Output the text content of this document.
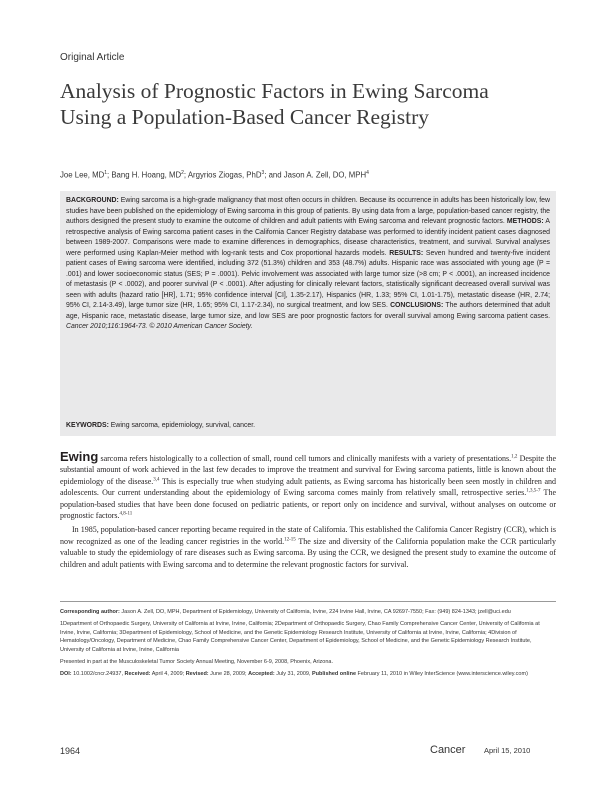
Original Article
Analysis of Prognostic Factors in Ewing Sarcoma Using a Population-Based Cancer Registry
Joe Lee, $MD^1$; Bang H. Hoang, $MD^2$; Argyrios Ziogas, PhD$^3$; and Jason A. Zell, DO, MPH$^4$
BACKGROUND: Ewing sarcoma is a high-grade malignancy that most often occurs in children. Because its occurrence in adults has been historically low, few studies have been published on the epidemiology of Ewing sarcoma in this group of patients. By using data from a large, population-based cancer registry, the authors designed the present study to examine the outcome of children and adult patients with Ewing sarcoma and relevant prognostic factors. METHODS: A retrospective analysis of Ewing sarcoma patient cases in the California Cancer Registry database was performed to identify incident patient cases diagnosed between 1989-2007. Comparisons were made to examine differences in demographics, disease characteristics, treatment, and survival. Survival analyses were performed using Kaplan-Meier method with log-rank tests and Cox proportional hazards models. RESULTS: Seven hundred and twenty-five incident patient cases of Ewing sarcoma were identified, including 372 (51.3%) children and 353 (48.7%) adults. Hispanic race was associated with young age (P = .001) and lower socioeconomic status (SES; P = .0001). Pelvic involvement was associated with large tumor size (>8 cm; P < .0001), an increased incidence of metastasis (P < .0002), and poorer survival (P < .0001). After adjusting for clinically relevant factors, statistically significant decreased overall survival was seen with adults (hazard ratio [HR], 1.71; 95% confidence interval [CI], 1.35-2.17), Hispanics (HR, 1.33; 95% CI, 1.01-1.75), metastatic disease (HR, 2.74; 95% CI, 2.14-3.49), large tumor size (HR, 1.65; 95% CI, 1.17-2.34), no surgical treatment, and low SES. CONCLUSIONS: The authors determined that adult age, Hispanic race, metastatic disease, large tumor size, and low SES are poor prognostic factors for overall survival among Ewing sarcoma patient cases. Cancer 2010;116:1964-73. © 2010 American Cancer Society.
KEYWORDS: Ewing sarcoma, epidemiology, survival, cancer.

Ewing sarcoma refers histologically to a collection of small, round cell tumors and clinically manifests with a variety of presentations.$^{1,2}$ Despite the substantial amount of work achieved in the last few decades to improve the treatment and survival for Ewing sarcoma patients, little is known about the epidemiology of the disease.$^{3,4}$ This is especially true when studying adult patients, as Ewing sarcoma has historically been seen mostly in children and adolescents. Our current understanding about the epidemiology of Ewing sarcoma comes mainly from relatively small, retrospective series.$^{1,3,5-7}$ The population-based studies that have been done focused on pediatric patients, or report only on incidence and survival, without analyses on outcome or prognostic factors.$^{4,8-11}$

In 1985, population-based cancer reporting became required in the state of California. This established the California Cancer Registry (CCR), which is now recognized as one of the leading cancer registries in the world.$^{12-15}$ The size and diversity of the California population make the CCR particularly valuable to study the epidemiology of rare diseases such as Ewing sarcoma. By using the CCR, we designed the present study to examine the outcome of children and adult patients with Ewing sarcoma and to determine the relevant prognostic factors for survival.

Corresponding author: Jason A. Zell, DO, MPH, Department of Epidemiology, University of California, Irvine, 224 Irvine Hall, Irvine, CA 92697-7550; Fax: (949) 824-1343; jzell@uci.edu

1Department of Orthopaedic Surgery, University of California at Irvine, Irvine, California; 2Department of Orthopaedic Surgery, Chao Family Comprehensive Cancer Center, University of California at Irvine, Irvine, California; 3Department of Epidemiology, School of Medicine, and the Genetic Epidemiology Research Institute, University of California at Irvine, Irvine, California; 4Division of Hematology/Oncology, Department of Medicine, Chao Family Comprehensive Cancer Center, Department of Epidemiology, School of Medicine, and the Genetic Epidemiology Research Institute, University of California at Irvine, Irvine, California

Presented in part at the Musculoskeletal Tumor Society Annual Meeting, November 6-9, 2008, Phoenix, Arizona.

DOI: 10.1002/cncr.24937, Received: April 4, 2009; Revised: June 28, 2009; Accepted: July 31, 2009, Published online February 11, 2010 in Wiley InterScience (www.interscience.wiley.com)

1964	Cancer April 15, 2010
